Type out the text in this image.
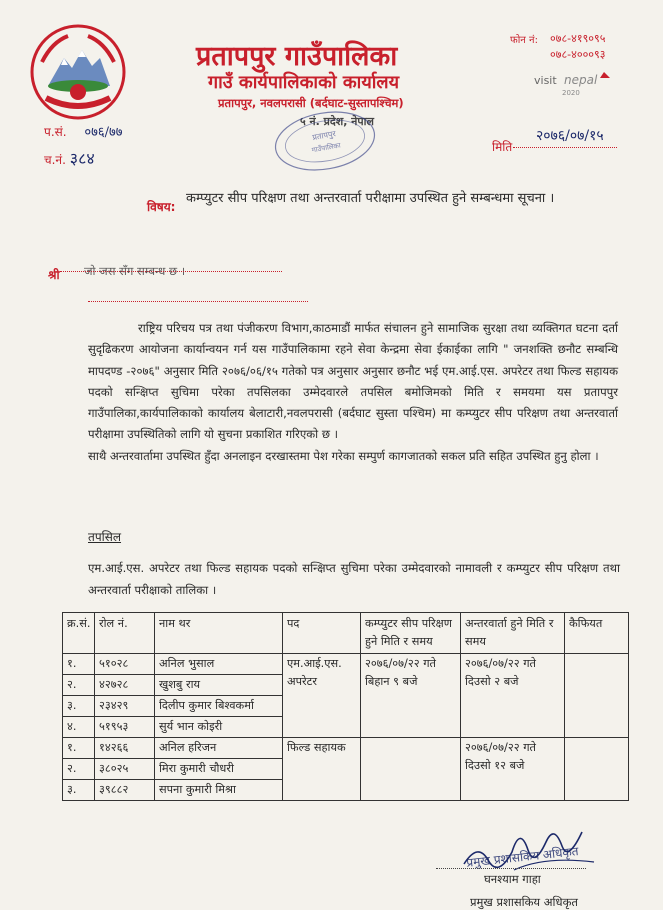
प्रतापपुर गाउँपालिका
गाउँ कार्यपालिकाको कार्यालय
प्रतापपुर, नवलपरासी (बर्दघाट-सुस्तापश्चिम)
५ नं. प्रदेश, नेपाल
फोन नं: ०७८-४१९०९५
०७८-४०००९३
visit nepal
2020
प.सं. ०७६/७७
च.नं. ३८४
प्रतापपुर
गाउँपालिका	मिति
२०७६/०७/१५
विषय:
कम्प्युटर सीप परिक्षण तथा अन्तरवार्ता परीक्षामा उपस्थित हुने सम्बन्धमा सूचना ।
श्री जो जस सँग सम्बन्ध छ ।

राष्ट्रिय परिचय पत्र तथा पंजीकरण विभाग,काठमाडौं मार्फत संचालन हुने सामाजिक सुरक्षा तथा व्यक्तिगत घटना दर्ता सुदृढिकरण आयोजना कार्यान्वयन गर्न यस गाउँपालिकामा रहने सेवा केन्द्रमा सेवा ईकाईका लागि " जनशक्ति छनौट सम्बन्धि मापदण्ड -२०७६" अनुसार मिति २०७६/०६/१५ गतेको पत्र अनुसार अनुसार छनौट भई एम.आई.एस. अपरेटर तथा फिल्ड सहायक पदको सन्क्षिप्त सुचिमा परेका तपसिलका उम्मेदवारले तपसिल बमोजिमको मिति र समयमा यस प्रतापपुर गाउँपालिका,कार्यपालिकाको कार्यालय बेलाटारी,नवलपरासी (बर्दघाट सुस्ता पश्चिम) मा कम्प्युटर सीप परिक्षण तथा अन्तरवार्ता परीक्षामा उपस्थितिको लागि यो सुचना प्रकाशित गरिएको छ ।

साथै अन्तरवार्तामा उपस्थित हुँदा अनलाइन दरखास्तमा पेश गरेका सम्पुर्ण कागजातको सकल प्रति सहित उपस्थित हुनु होला ।

तपसिल
एम.आई.एस. अपरेटर तथा फिल्ड सहायक पदको सन्क्षिप्त सुचिमा परेका उम्मेदवारको नामावली र कम्प्युटर सीप परिक्षण तथा अन्तरवार्ता परीक्षाको तालिका ।
क्र.सं.	रोल नं.	नाम थर	पद	कम्प्युटर सीप परिक्षण हुने मिति र समय	अन्तरवार्ता हुने मिति र समय	कैफियत
१.	५१०२८	अनिल भुसाल	एम.आई.एस. अपरेटर	२०७६/०७/२२ गते बिहान ९ बजे	२०७६/०७/२२ गते दिउसो २ बजे	
२.	४२७२८	खुशबु राय				
३.	२३४२९	दिलीप कुमार बिश्वकर्मा				
४.	५१९५३	सुर्य भान कोइरी				
१.	१४२६६	अनिल हरिजन	फिल्ड सहायक		२०७६/०७/२२ गते दिउसो १२ बजे	
२.	३८०२५	मिरा कुमारी चौधरी				
३.	३९८८२	सपना कुमारी मिश्रा				
प्रमुख प्रशासकिय अधिकृत
घनश्याम गाहा
प्रमुख प्रशासकिय अधिकृत
